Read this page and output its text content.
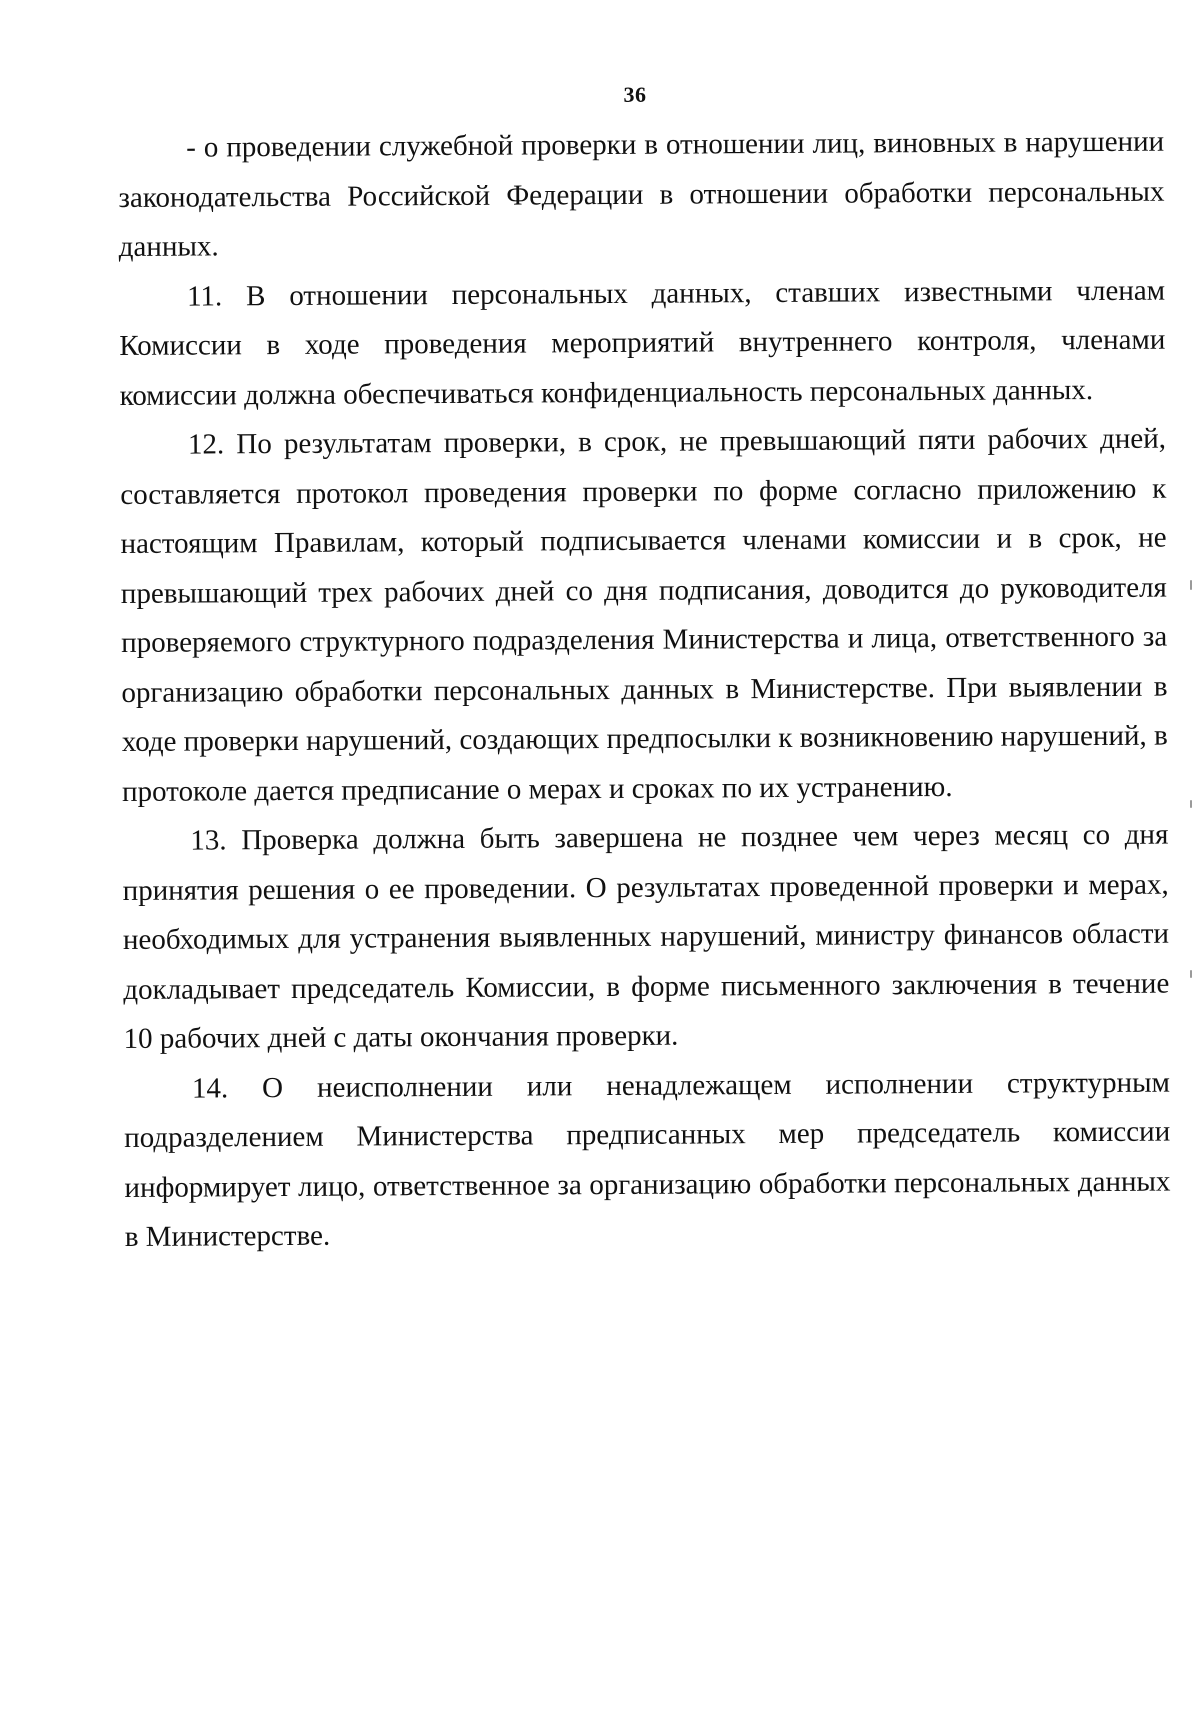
36

- о проведении служебной проверки в отношении лиц, виновных в нарушении законодательства Российской Федерации в отношении обработки персональных данных.

11. В отношении персональных данных, ставших известными членам Комиссии в ходе проведения мероприятий внутреннего контроля, членами комиссии должна обеспечиваться конфиденциальность персональных данных.

12. По результатам проверки, в срок, не превышающий пяти рабочих дней, составляется протокол проведения проверки по форме согласно приложению к настоящим Правилам, который подписывается членами комиссии и в срок, не превышающий трех рабочих дней со дня подписания, доводится до руководителя проверяемого структурного подразделения Министерства и лица, ответственного за организацию обработки персональных данных в Министерстве. При выявлении в ходе проверки нарушений, создающих предпосылки к возникновению нарушений, в протоколе дается предписание о мерах и сроках по их устранению.

13. Проверка должна быть завершена не позднее чем через месяц со дня принятия решения о ее проведении. О результатах проведенной проверки и мерах, необходимых для устранения выявленных нарушений, министру финансов области докладывает председатель Комиссии, в форме письменного заключения в течение 10 рабочих дней с даты окончания проверки.

14. О неисполнении или ненадлежащем исполнении структурным подразделением Министерства предписанных мер председатель комиссии информирует лицо, ответственное за организацию обработки персональных данных в Министерстве.
